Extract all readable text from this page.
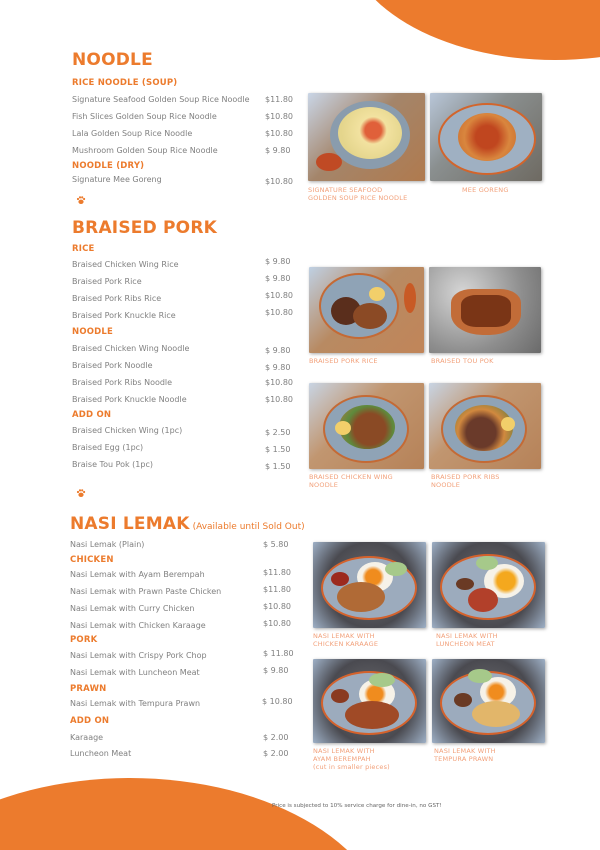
NOODLE
RICE NOODLE (SOUP)
Signature Seafood Golden Soup Rice Noodle $11.80
Fish Slices Golden Soup Rice Noodle	$10.80
Lala Golden Soup Rice Noodle	$10.80
Mushroom Golden Soup Rice Noodle	$ 9.80
NOODLE (DRY)
Signature Mee Goreng	$10.80
SIGNATURE SEAFOOD
GOLDEN SOUP RICE NOODLE
MEE GORENG
BRAISED PORK
RICE
Braised Chicken Wing Rice	$ 9.80
Braised Pork Rice	$ 9.80
Braised Pork Ribs Rice	$10.80
Braised Pork Knuckle Rice	$10.80
NOODLE
Braised Chicken Wing Noodle	$ 9.80
Braised Pork Noodle	$ 9.80
Braised Pork Ribs Noodle	$10.80
Braised Pork Knuckle Noodle	$10.80
ADD ON
Braised Chicken Wing (1pc)	$ 2.50
Braised Egg (1pc)	$ 1.50
Braise Tou Pok (1pc)	$ 1.50
BRAISED PORK RICE	BRAISED TOU POK
BRAISED CHICKEN WING
NOODLE
BRAISED PORK RIBS
NOODLE
NASI LEMAK (Available until Sold Out)
Nasi Lemak (Plain)	$ 5.80
CHICKEN
Nasi Lemak with Ayam Berempah	$11.80
Nasi Lemak with Prawn Paste Chicken	$11.80
Nasi Lemak with Curry Chicken	$10.80
Nasi Lemak with Chicken Karaage	$10.80
PORK
Nasi Lemak with Crispy Pork Chop	$ 11.80
Nasi Lemak with Luncheon Meat	$ 9.80
PRAWN
Nasi Lemak with Tempura Prawn	$ 10.80
ADD ON
Karaage	$ 2.00
Luncheon Meat	$ 2.00
NASI LEMAK WITH
CHICKEN KARAAGE
NASI LEMAK WITH
LUNCHEON MEAT
NASI LEMAK WITH
AYAM BEREMPAH
(cut in smaller pieces)
NASI LEMAK WITH
TEMPURA PRAWN
Price is subjected to 10% service charge for dine-in, no GST!
